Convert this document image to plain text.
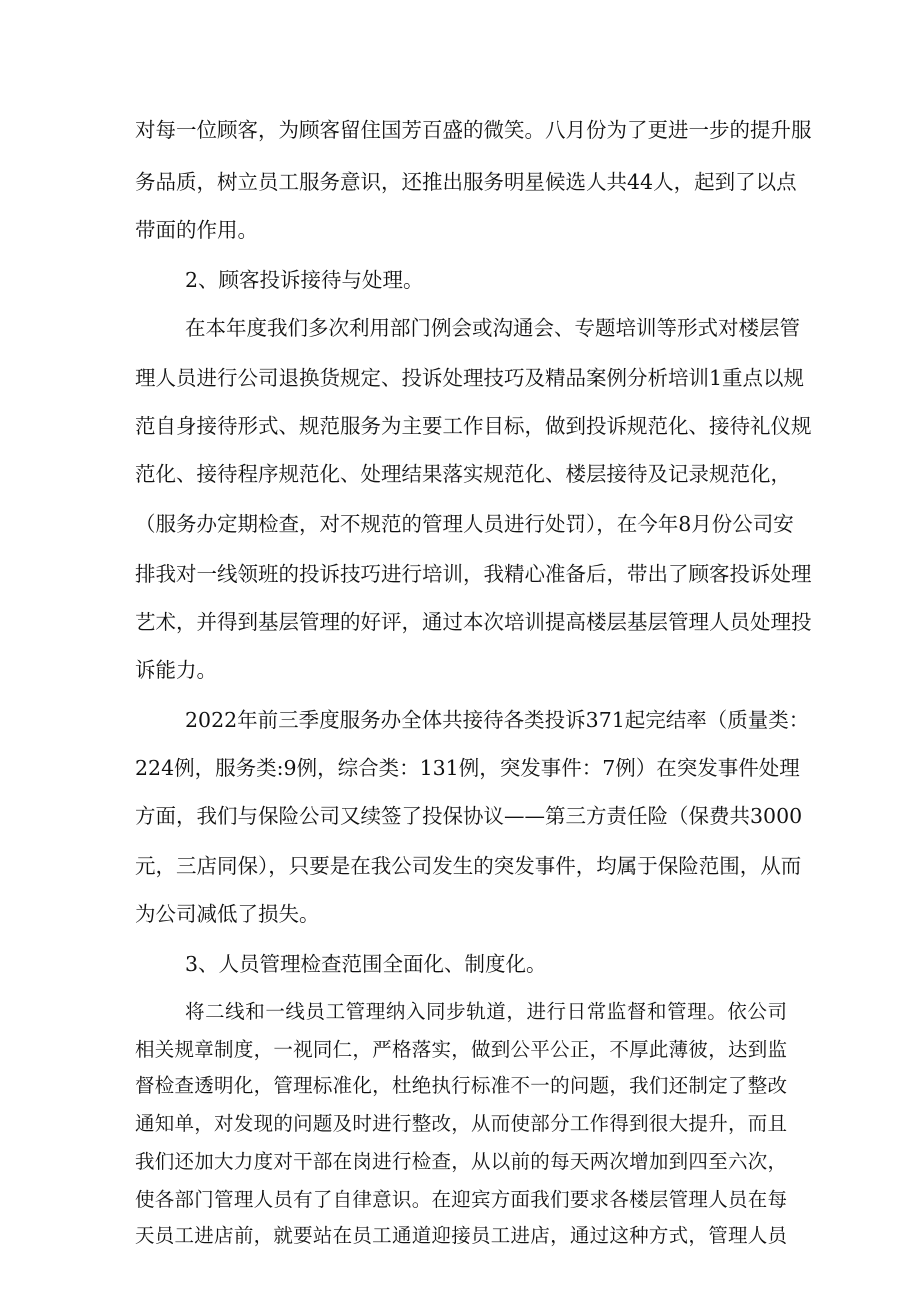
对每一位顾客，为顾客留住国芳百盛的微笑。八月份为了更进一步的提升服
务品质，树立员工服务意识，还推出服务明星候选人共44人，起到了以点
带面的作用。
2、顾客投诉接待与处理。
在本年度我们多次利用部门例会或沟通会、专题培训等形式对楼层管
理人员进行公司退换货规定、投诉处理技巧及精品案例分析培训1重点以规
范自身接待形式、规范服务为主要工作目标，做到投诉规范化、接待礼仪规
范化、接待程序规范化、处理结果落实规范化、楼层接待及记录规范化，
（服务办定期检查，对不规范的管理人员进行处罚），在今年8月份公司安
排我对一线领班的投诉技巧进行培训，我精心准备后，带出了顾客投诉处理
艺术，并得到基层管理的好评，通过本次培训提高楼层基层管理人员处理投
诉能力。
2022年前三季度服务办全体共接待各类投诉371起完结率（质量类：
224例，服务类:9例，综合类：131例，突发事件：7例）在突发事件处理
方面，我们与保险公司又续签了投保协议——第三方责任险（保费共3000
元，三店同保），只要是在我公司发生的突发事件，均属于保险范围，从而
为公司减低了损失。
3、人员管理检查范围全面化、制度化。
将二线和一线员工管理纳入同步轨道，进行日常监督和管理。依公司
相关规章制度，一视同仁，严格落实，做到公平公正，不厚此薄彼，达到监
督检查透明化，管理标准化，杜绝执行标准不一的问题，我们还制定了整改
通知单，对发现的问题及时进行整改，从而使部分工作得到很大提升，而且
我们还加大力度对干部在岗进行检查，从以前的每天两次增加到四至六次，
使各部门管理人员有了自律意识。在迎宾方面我们要求各楼层管理人员在每
天员工进店前，就要站在员工通道迎接员工进店，通过这种方式，管理人员
